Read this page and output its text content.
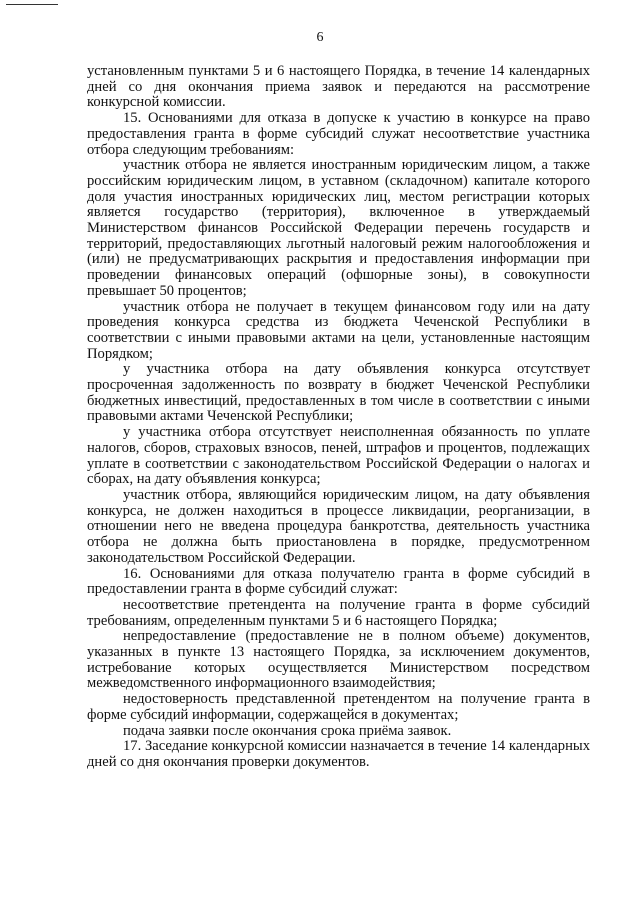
6

установленным пунктами 5 и 6 настоящего Порядка, в течение 14 календарных дней со дня окончания приема заявок и передаются на рассмотрение конкурсной комиссии.

15. Основаниями для отказа в допуске к участию в конкурсе на право предоставления гранта в форме субсидий служат несоответствие участника отбора следующим требованиям:

участник отбора не является иностранным юридическим лицом, а также российским юридическим лицом, в уставном (складочном) капитале которого доля участия иностранных юридических лиц, местом регистрации которых является государство (территория), включенное в утверждаемый Министерством финансов Российской Федерации перечень государств и территорий, предоставляющих льготный налоговый режим налогообложения и (или) не предусматривающих раскрытия и предоставления информации при проведении финансовых операций (офшорные зоны), в совокупности превышает 50 процентов;

участник отбора не получает в текущем финансовом году или на дату проведения конкурса средства из бюджета Чеченской Республики в соответствии с иными правовыми актами на цели, установленные настоящим Порядком;

у участника отбора на дату объявления конкурса отсутствует просроченная задолженность по возврату в бюджет Чеченской Республики бюджетных инвестиций, предоставленных в том числе в соответствии с иными правовыми актами Чеченской Республики;

у участника отбора отсутствует неисполненная обязанность по уплате налогов, сборов, страховых взносов, пеней, штрафов и процентов, подлежащих уплате в соответствии с законодательством Российской Федерации о налогах и сборах, на дату объявления конкурса;

участник отбора, являющийся юридическим лицом, на дату объявления конкурса, не должен находиться в процессе ликвидации, реорганизации, в отношении него не введена процедура банкротства, деятельность участника отбора не должна быть приостановлена в порядке, предусмотренном законодательством Российской Федерации.

16. Основаниями для отказа получателю гранта в форме субсидий в предоставлении гранта в форме субсидий служат:

несоответствие претендента на получение гранта в форме субсидий требованиям, определенным пунктами 5 и 6 настоящего Порядка;

непредоставление (предоставление не в полном объеме) документов, указанных в пункте 13 настоящего Порядка, за исключением документов, истребование которых осуществляется Министерством посредством межведомственного информационного взаимодействия;

недостоверность представленной претендентом на получение гранта в форме субсидий информации, содержащейся в документах;

подача заявки после окончания срока приёма заявок.

17. Заседание конкурсной комиссии назначается в течение 14 календарных дней со дня окончания проверки документов.
